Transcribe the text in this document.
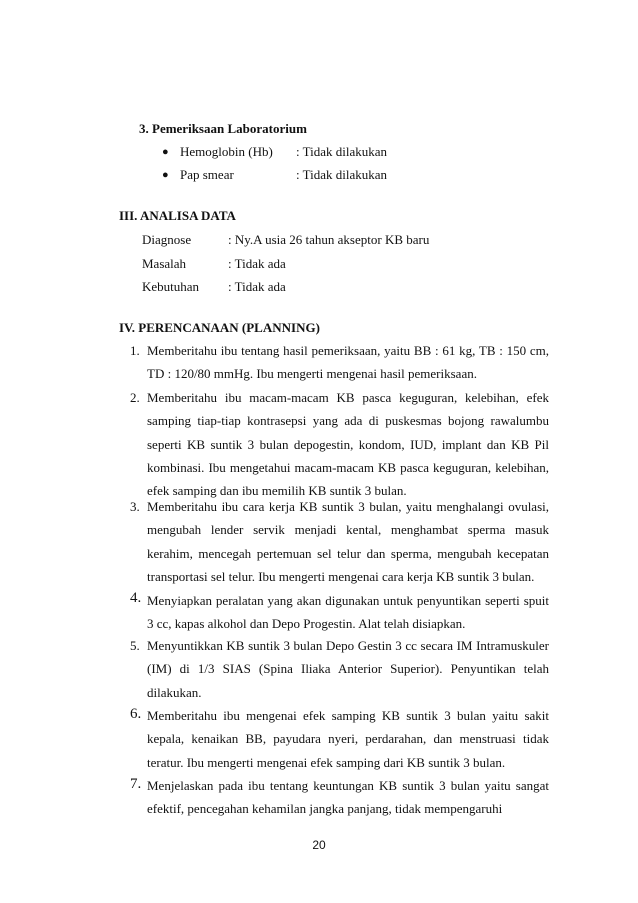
3. Pemeriksaan Laboratorium
● Hemoglobin (Hb) : Tidak dilakukan
● Pap smear	: Tidak dilakukan
III. ANALISA DATA
Diagnose	: Ny.A usia 26 tahun akseptor KB baru
Masalah	: Tidak ada
Kebutuhan : Tidak ada
IV. PERENCANAAN (PLANNING)
1. Memberitahu ibu tentang hasil pemeriksaan, yaitu BB : 61 kg, TB : 150 cm, TD : 120/80 mmHg. Ibu mengerti mengenai hasil pemeriksaan.
2. Memberitahu ibu macam-macam KB pasca keguguran, kelebihan, efek samping tiap-tiap kontrasepsi yang ada di puskesmas bojong rawalumbu seperti KB suntik 3 bulan depogestin, kondom, IUD, implant dan KB Pil kombinasi. Ibu mengetahui macam-macam KB pasca keguguran, kelebihan, efek samping dan ibu memilih KB suntik 3 bulan.
3. Memberitahu ibu cara kerja KB suntik 3 bulan, yaitu menghalangi ovulasi, mengubah lender servik menjadi kental, menghambat sperma masuk kerahim, mencegah pertemuan sel telur dan sperma, mengubah kecepatan transportasi sel telur. Ibu mengerti mengenai cara kerja KB suntik 3 bulan.
4. Menyiapkan peralatan yang akan digunakan untuk penyuntikan seperti spuit 3 cc, kapas alkohol dan Depo Progestin. Alat telah disiapkan.
5. Menyuntikkan KB suntik 3 bulan Depo Gestin 3 cc secara IM Intramuskuler (IM) di 1/3 SIAS (Spina Iliaka Anterior Superior). Penyuntikan telah dilakukan.
6. Memberitahu ibu mengenai efek samping KB suntik 3 bulan yaitu sakit kepala, kenaikan BB, payudara nyeri, perdarahan, dan menstruasi tidak teratur. Ibu mengerti mengenai efek samping dari KB suntik 3 bulan.
7. Menjelaskan pada ibu tentang keuntungan KB suntik 3 bulan yaitu sangat efektif, pencegahan kehamilan jangka panjang, tidak mempengaruhi
20
